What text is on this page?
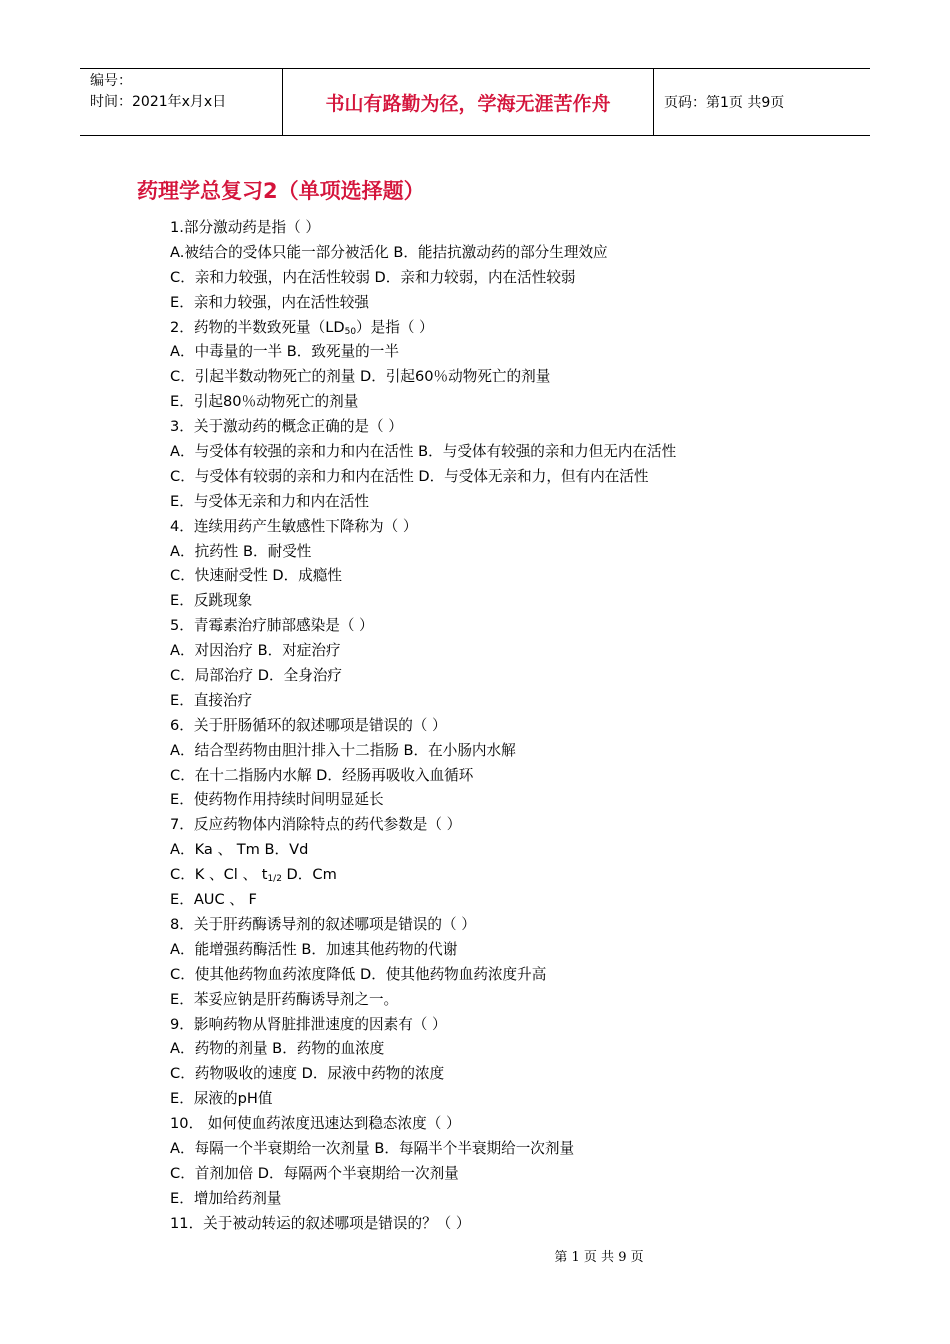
编号：
时间：2021年x月x日	书山有路勤为径，学海无涯苦作舟	页码：第1页 共9页
药理学总复习2（单项选择题）
1.部分激动药是指（ ）
A.被结合的受体只能一部分被活化 B．能拮抗激动药的部分生理效应
C．亲和力较强，内在活性较弱 D．亲和力较弱，内在活性较弱
E．亲和力较强，内在活性较强
2．药物的半数致死量$(LD_{50})$是指（ ）
A．中毒量的一半 B．致死量的一半
C．引起半数动物死亡的剂量 D．引起60％动物死亡的剂量
E．引起80％动物死亡的剂量
3．关于激动药的概念正确的是（ ）
A．与受体有较强的亲和力和内在活性 B．与受体有较强的亲和力但无内在活性
C．与受体有较弱的亲和力和内在活性 D．与受体无亲和力，但有内在活性
E．与受体无亲和力和内在活性
4．连续用药产生敏感性下降称为（ ）
A．抗药性 B．耐受性
C．快速耐受性 D．成瘾性
E．反跳现象
5．青霉素治疗肺部感染是（ ）
A．对因治疗 B．对症治疗
C．局部治疗 D．全身治疗
E．直接治疗
6．关于肝肠循环的叙述哪项是错误的（ ）
A．结合型药物由胆汁排入十二指肠 B．在小肠内水解
C．在十二指肠内水解 D．经肠再吸收入血循环
E．使药物作用持续时间明显延长
7．反应药物体内消除特点的药代参数是（ ）
A．Ka 、 Tm B．Vd
C．K 、Cl 、 $t_{1/2}$ D．Cm
E．AUC 、 F
8．关于肝药酶诱导剂的叙述哪项是错误的（ ）
A．能增强药酶活性 B．加速其他药物的代谢
C．使其他药物血药浓度降低 D．使其他药物血药浓度升高
E．苯妥应钠是肝药酶诱导剂之一。
9．影响药物从肾脏排泄速度的因素有（ ）
A．药物的剂量 B．药物的血浓度
C．药物吸收的速度 D．尿液中药物的浓度
E．尿液的pH值
10． 如何使血药浓度迅速达到稳态浓度（ ）
A．每隔一个半衰期给一次剂量 B．每隔半个半衰期给一次剂量
C．首剂加倍 D．每隔两个半衰期给一次剂量
E．增加给药剂量
11．关于被动转运的叙述哪项是错误的？（ ）
第 1 页 共 9 页
